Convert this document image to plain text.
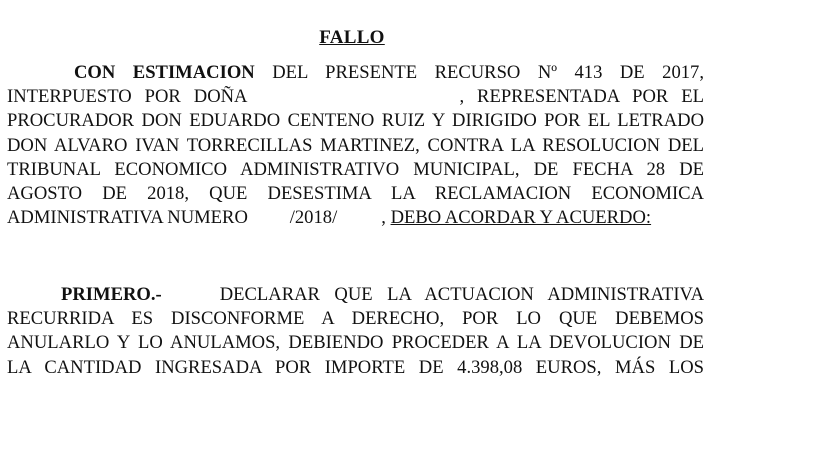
FALLO
CON ESTIMACION DEL PRESENTE RECURSO Nº 413 DE 2017,
INTERPUESTO POR DOÑA	, REPRESENTADA POR EL
PROCURADOR DON EDUARDO CENTENO RUIZ Y DIRIGIDO POR EL LETRADO
DON ALVARO IVAN TORRECILLAS MARTINEZ, CONTRA LA RESOLUCION DEL
TRIBUNAL ECONOMICO ADMINISTRATIVO MUNICIPAL, DE FECHA 28 DE
AGOSTO DE 2018, QUE DESESTIMA LA RECLAMACION ECONOMICA
ADMINISTRATIVA NUMERO /2018/ , DEBO ACORDAR Y ACUERDO:
PRIMERO.-	DECLARAR QUE LA ACTUACION ADMINISTRATIVA
RECURRIDA ES DISCONFORME A DERECHO, POR LO QUE DEBEMOS
ANULARLO Y LO ANULAMOS, DEBIENDO PROCEDER A LA DEVOLUCION DE
LA CANTIDAD INGRESADA POR IMPORTE DE 4.398,08 EUROS, MÁS LOS
